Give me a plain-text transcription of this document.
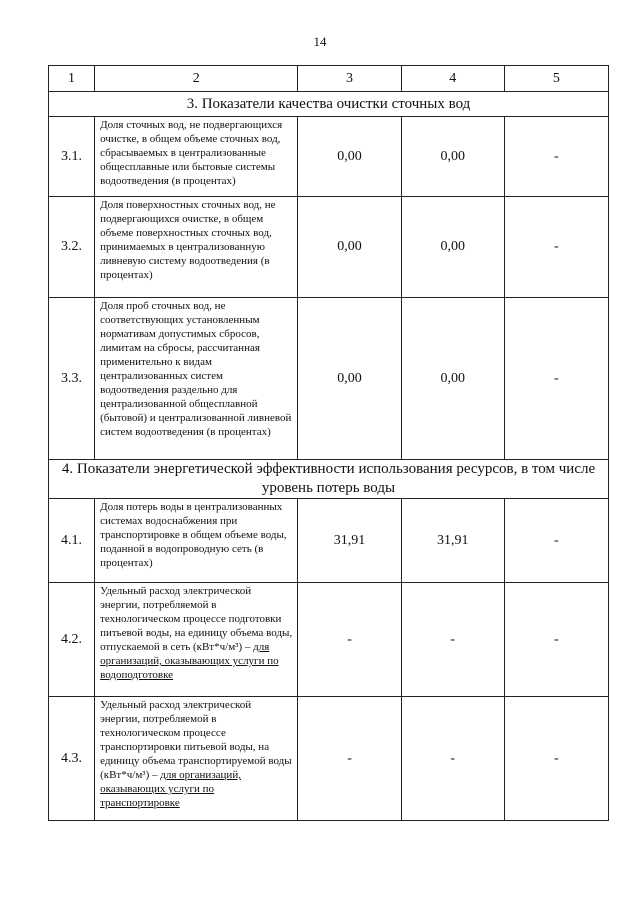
14
1	2	3	4	5
3. Показатели качества очистки сточных вод				
3.1.	Доля сточных вод, не подвергающихся очистке, в общем объеме сточных вод, сбрасываемых в централизованные общесплавные или бытовые системы водоотведения (в процентах)	0,00	0,00	-
3.2.	Доля поверхностных сточных вод, не подвергающихся очистке, в общем объеме поверхностных сточных вод, принимаемых в централизованную ливневую систему водоотведения (в процентах)	0,00	0,00	-
3.3.	Доля проб сточных вод, не соответствующих установленным нормативам допустимых сбросов, лимитам на сбросы, рассчитанная применительно к видам централизованных систем водоотведения раздельно для централизованной общесплавной (бытовой) и централизованной ливневой систем водоотведения (в процентах)	0,00	0,00	-
4. Показатели энергетической эффективности использования ресурсов, в том числе уровень потерь воды				
4.1.	Доля потерь воды в централизованных системах водоснабжения при транспортировке в общем объеме воды, поданной в водопроводную сеть (в процентах)	31,91	31,91	-
4.2.	Удельный расход электрической энергии, потребляемой в технологическом процессе подготовки питьевой воды, на единицу объема воды, отпускаемой в сеть (кВт*ч/м³) – для организаций, оказывающих услуги по водоподготовке	-	-	-
4.3.	Удельный расход электрической энергии, потребляемой в технологическом процессе транспортировки питьевой воды, на единицу объема транспортируемой воды (кВт*ч/м³) – для организаций, оказывающих услуги по транспортировке	-	-	-
